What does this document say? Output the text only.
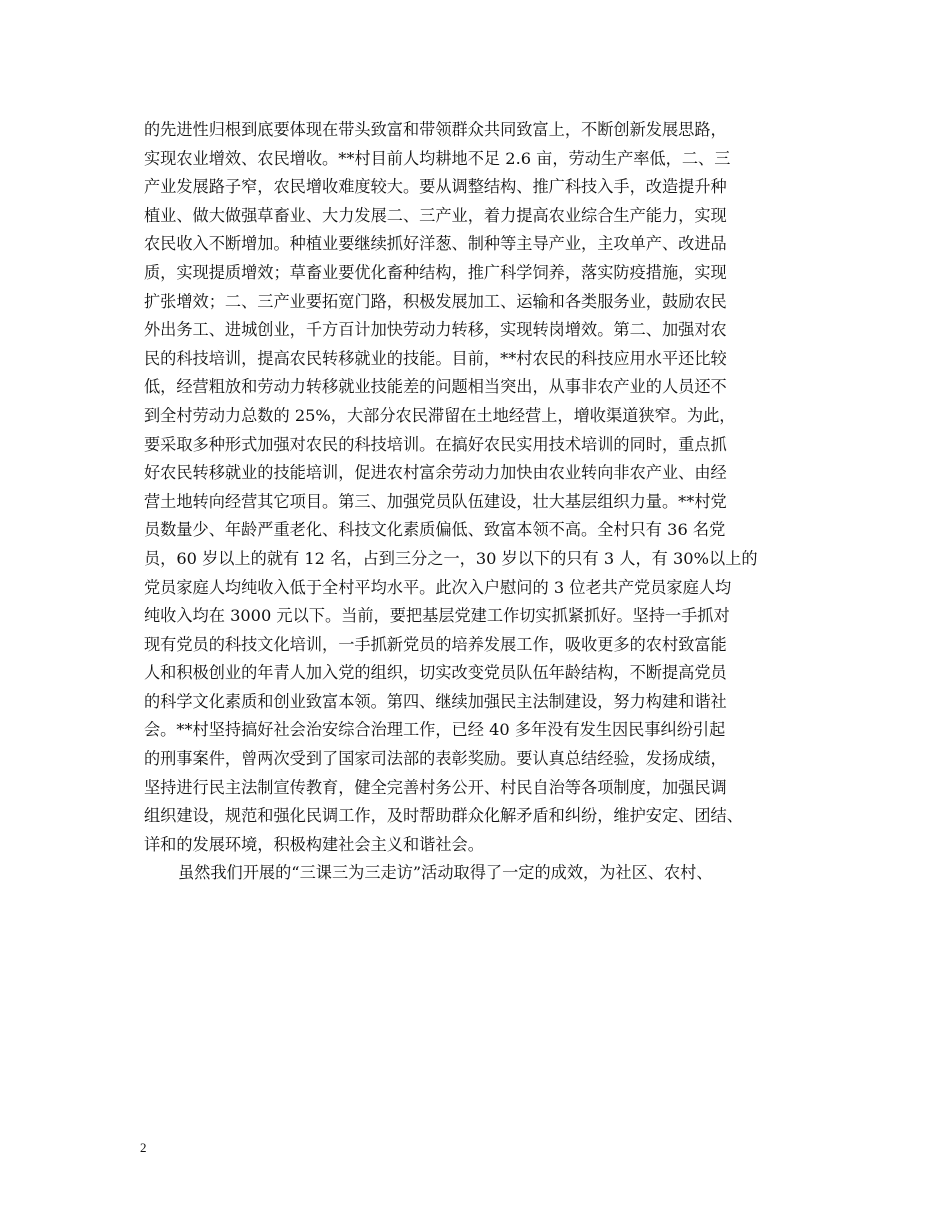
的先进性归根到底要体现在带头致富和带领群众共同致富上，不断创新发展思路，
实现农业增效、农民增收。**村目前人均耕地不足 2.6 亩，劳动生产率低，二、三
产业发展路子窄，农民增收难度较大。要从调整结构、推广科技入手，改造提升种
植业、做大做强草畜业、大力发展二、三产业，着力提高农业综合生产能力，实现
农民收入不断增加。种植业要继续抓好洋葱、制种等主导产业，主攻单产、改进品
质，实现提质增效；草畜业要优化畜种结构，推广科学饲养，落实防疫措施，实现
扩张增效；二、三产业要拓宽门路，积极发展加工、运输和各类服务业，鼓励农民
外出务工、进城创业，千方百计加快劳动力转移，实现转岗增效。第二、加强对农
民的科技培训，提高农民转移就业的技能。目前，**村农民的科技应用水平还比较
低，经营粗放和劳动力转移就业技能差的问题相当突出，从事非农产业的人员还不
到全村劳动力总数的 25%，大部分农民滞留在土地经营上，增收渠道狭窄。为此，
要采取多种形式加强对农民的科技培训。在搞好农民实用技术培训的同时，重点抓
好农民转移就业的技能培训，促进农村富余劳动力加快由农业转向非农产业、由经
营土地转向经营其它项目。第三、加强党员队伍建设，壮大基层组织力量。**村党
员数量少、年龄严重老化、科技文化素质偏低、致富本领不高。全村只有 36 名党
员，60 岁以上的就有 12 名，占到三分之一，30 岁以下的只有 3 人，有 30%以上的
党员家庭人均纯收入低于全村平均水平。此次入户慰问的 3 位老共产党员家庭人均
纯收入均在 3000 元以下。当前，要把基层党建工作切实抓紧抓好。坚持一手抓对
现有党员的科技文化培训，一手抓新党员的培养发展工作，吸收更多的农村致富能
人和积极创业的年青人加入党的组织，切实改变党员队伍年龄结构，不断提高党员
的科学文化素质和创业致富本领。第四、继续加强民主法制建设，努力构建和谐社
会。**村坚持搞好社会治安综合治理工作，已经 40 多年没有发生因民事纠纷引起
的刑事案件，曾两次受到了国家司法部的表彰奖励。要认真总结经验，发扬成绩，
坚持进行民主法制宣传教育，健全完善村务公开、村民自治等各项制度，加强民调
组织建设，规范和强化民调工作，及时帮助群众化解矛盾和纠纷，维护安定、团结、
详和的发展环境，积极构建社会主义和谐社会。
虽然我们开展的“三课三为三走访”活动取得了一定的成效，为社区、农村、
2
